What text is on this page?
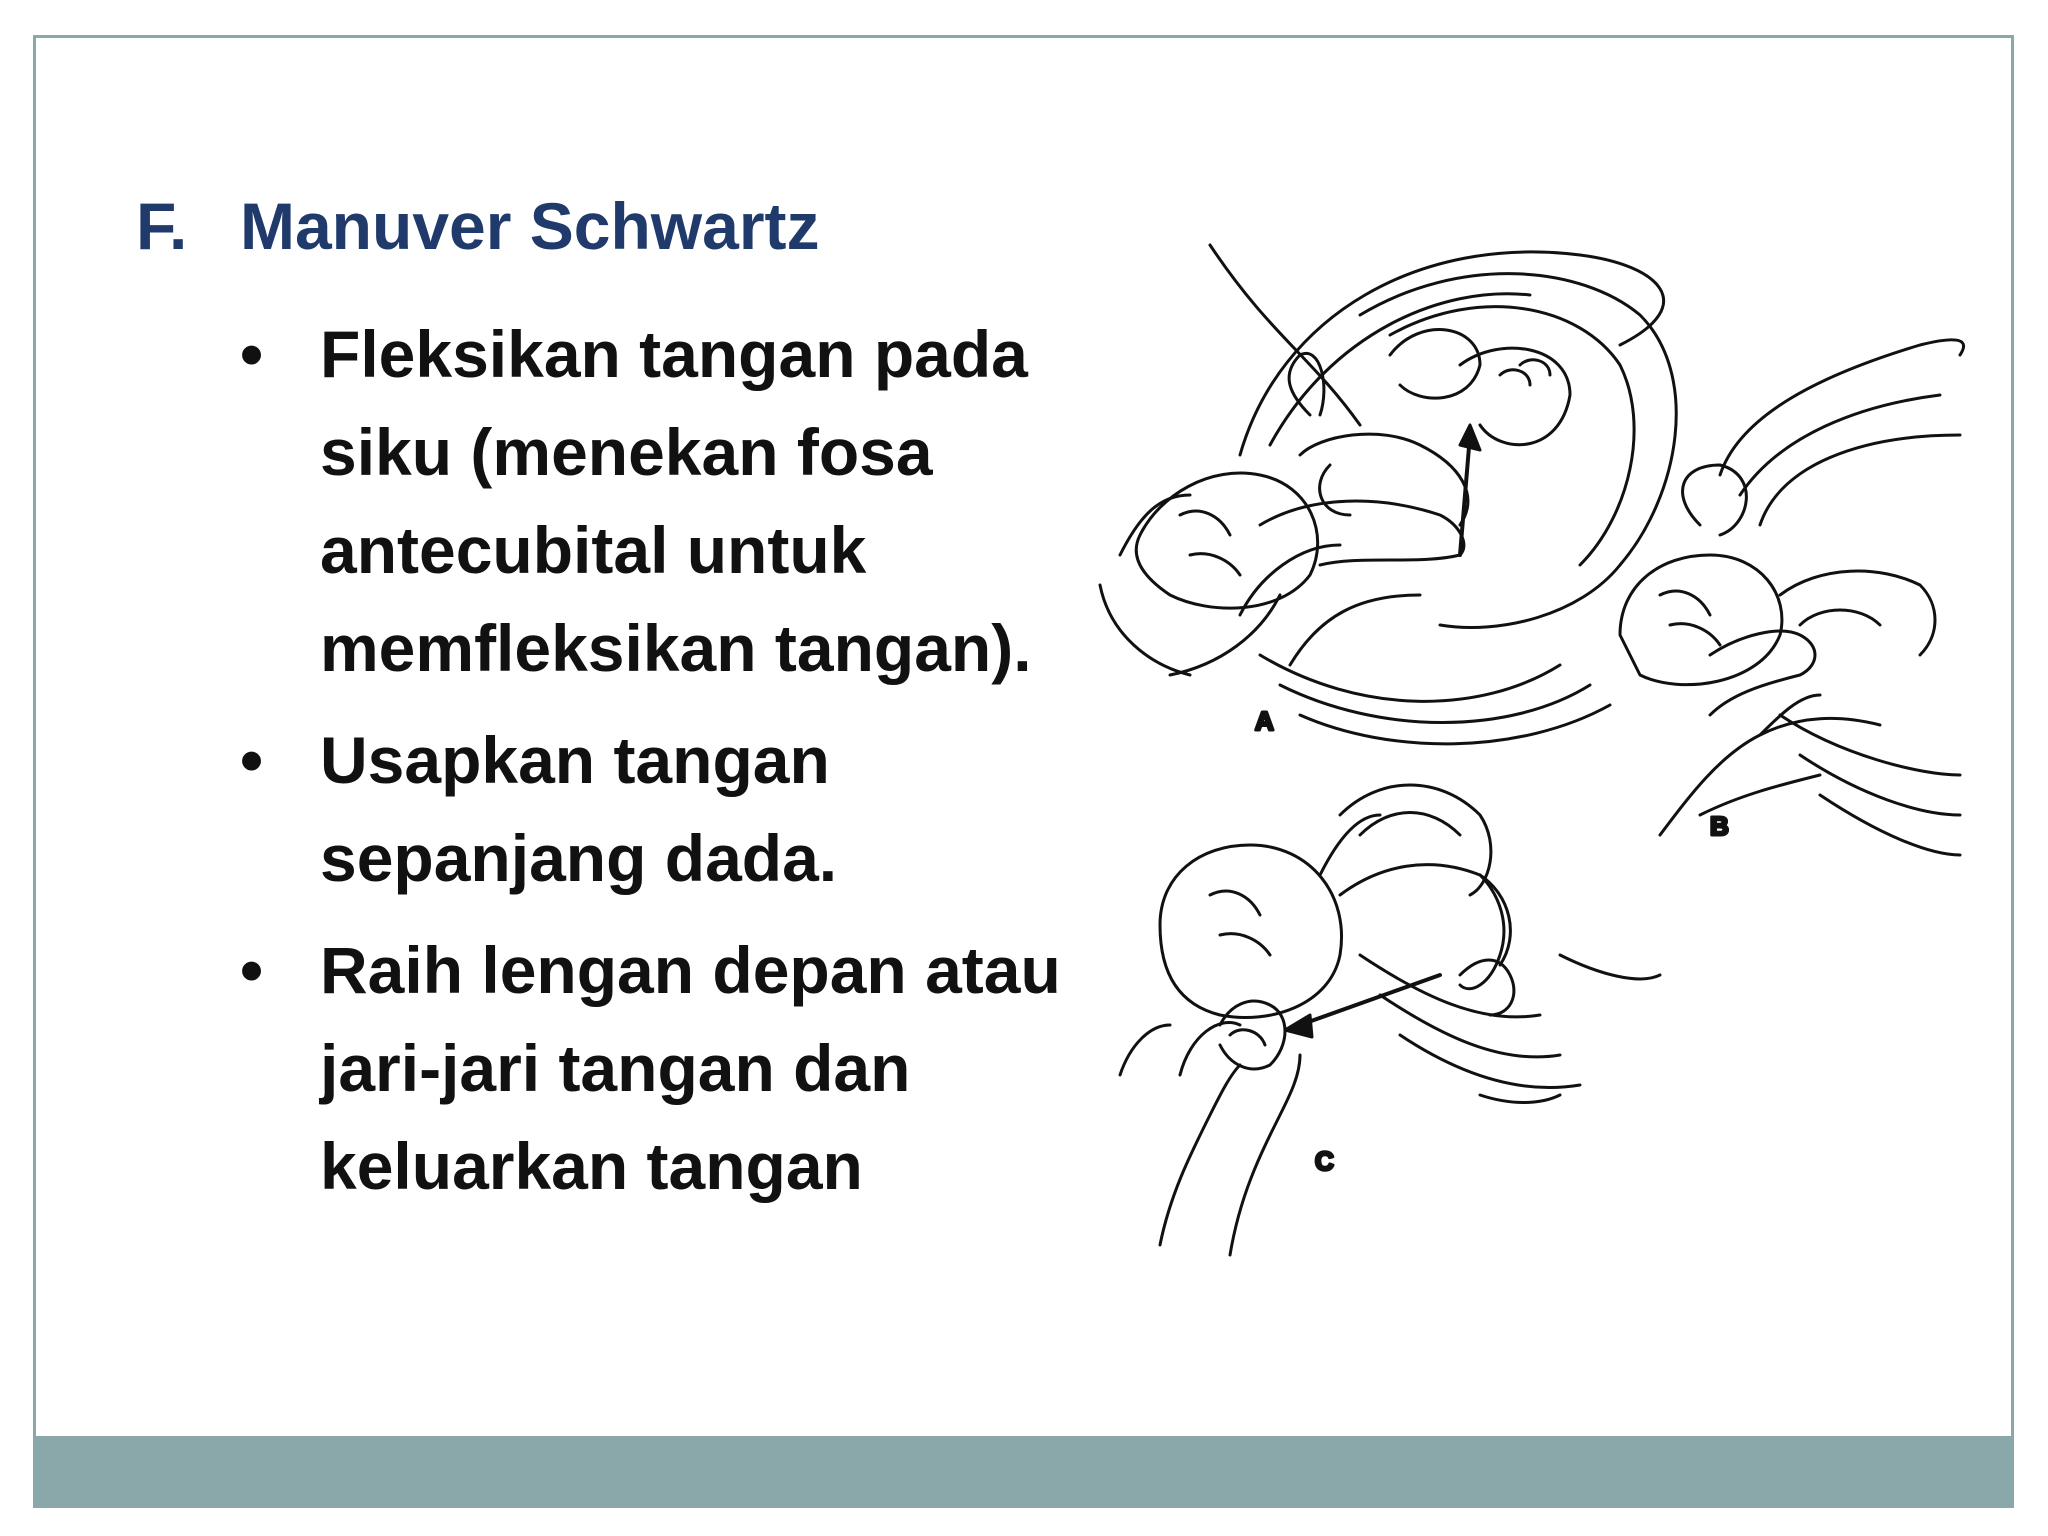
F. Manuver Schwartz
• Fleksikan tangan pada siku (menekan fosa antecubital untuk memfleksikan tangan).
• Usapkan tangan sepanjang dada.
• Raih lengan depan atau jari-jari tangan dan keluarkan tangan
A
B
C
